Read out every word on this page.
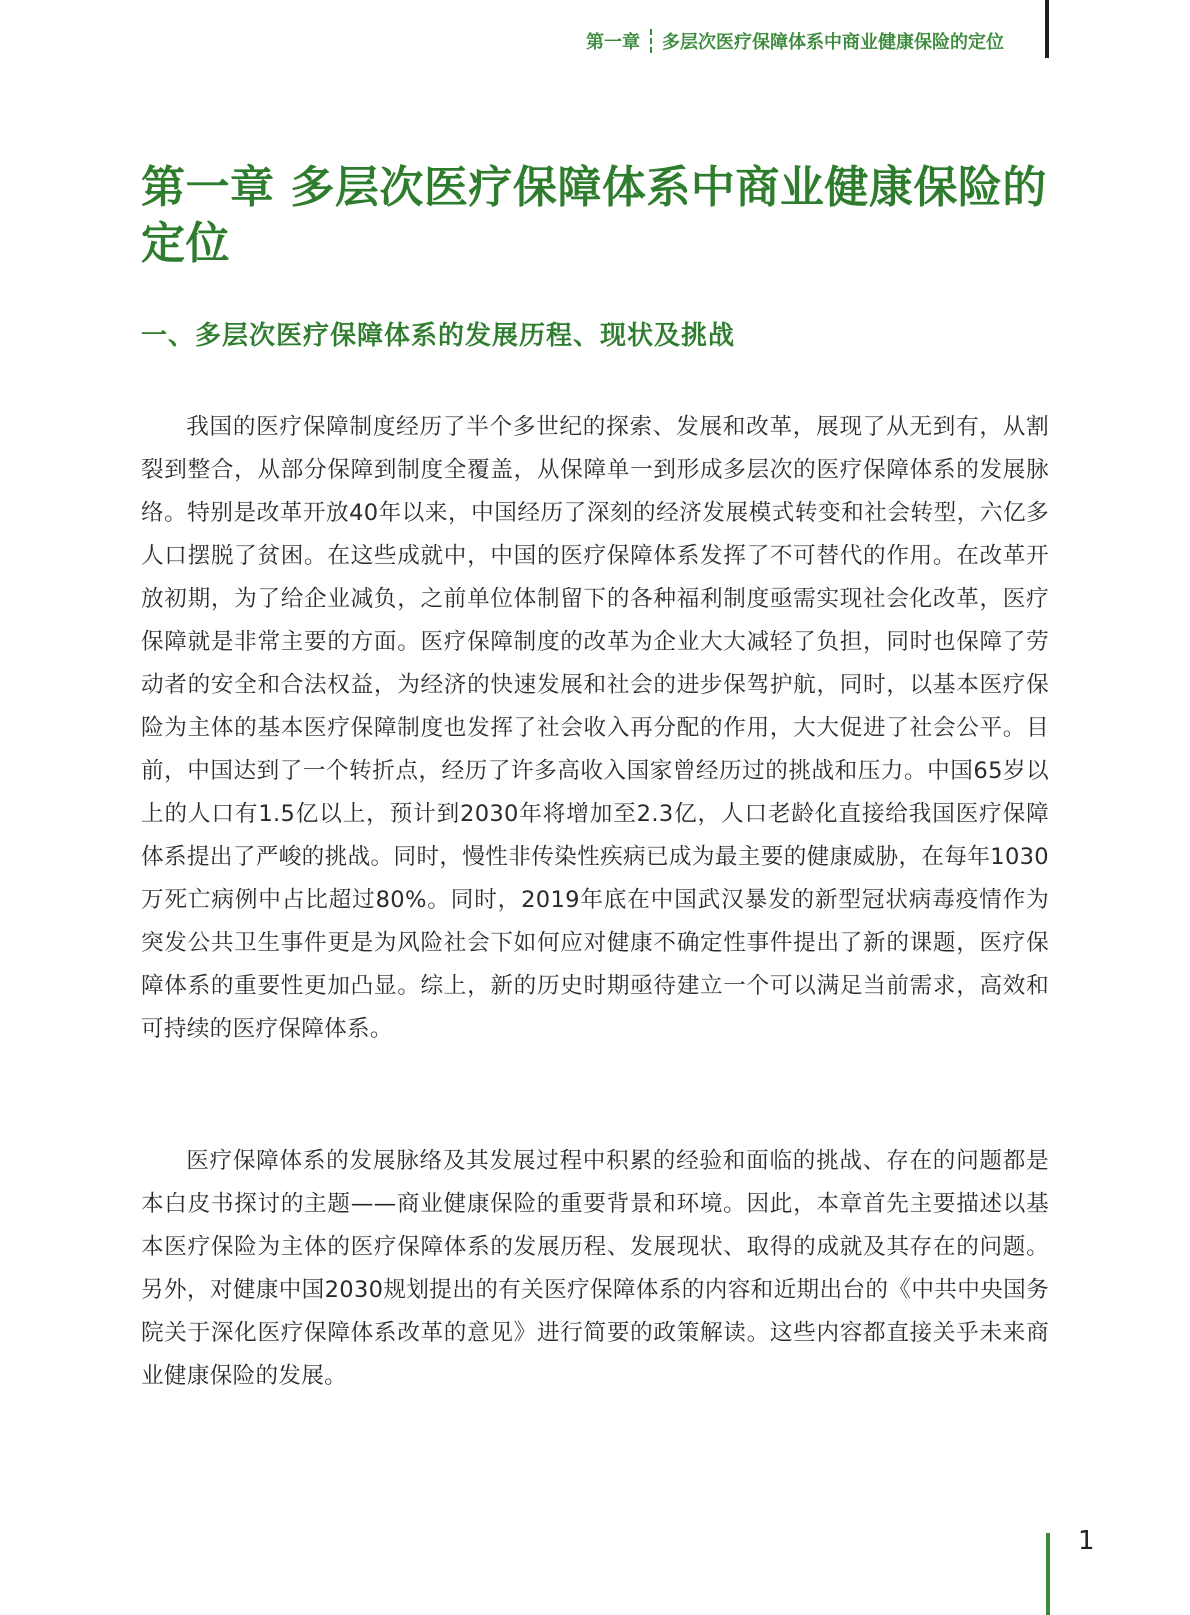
第一章 多层次医疗保障体系中商业健康保险的定位
第一章 多层次医疗保障体系中商业健康保险的定位
一、多层次医疗保障体系的发展历程、现状及挑战

我国的医疗保障制度经历了半个多世纪的探索、发展和改革，展现了从无到有，从割裂到整合，从部分保障到制度全覆盖，从保障单一到形成多层次的医疗保障体系的发展脉络。特别是改革开放40年以来，中国经历了深刻的经济发展模式转变和社会转型，六亿多人口摆脱了贫困。在这些成就中，中国的医疗保障体系发挥了不可替代的作用。在改革开放初期，为了给企业减负，之前单位体制留下的各种福利制度亟需实现社会化改革，医疗保障就是非常主要的方面。医疗保障制度的改革为企业大大减轻了负担，同时也保障了劳动者的安全和合法权益，为经济的快速发展和社会的进步保驾护航，同时，以基本医疗保险为主体的基本医疗保障制度也发挥了社会收入再分配的作用，大大促进了社会公平。目前，中国达到了一个转折点，经历了许多高收入国家曾经历过的挑战和压力。中国65岁以上的人口有1.5亿以上，预计到2030年将增加至2.3亿，人口老龄化直接给我国医疗保障体系提出了严峻的挑战。同时，慢性非传染性疾病已成为最主要的健康威胁，在每年1030万死亡病例中占比超过80%。同时，2019年底在中国武汉暴发的新型冠状病毒疫情作为突发公共卫生事件更是为风险社会下如何应对健康不确定性事件提出了新的课题，医疗保障体系的重要性更加凸显。综上，新的历史时期亟待建立一个可以满足当前需求，高效和可持续的医疗保障体系。

医疗保障体系的发展脉络及其发展过程中积累的经验和面临的挑战、存在的问题都是本白皮书探讨的主题——商业健康保险的重要背景和环境。因此，本章首先主要描述以基本医疗保险为主体的医疗保障体系的发展历程、发展现状、取得的成就及其存在的问题。另外，对健康中国2030规划提出的有关医疗保障体系的内容和近期出台的《中共中央国务院关于深化医疗保障体系改革的意见》进行简要的政策解读。这些内容都直接关乎未来商业健康保险的发展。

1
